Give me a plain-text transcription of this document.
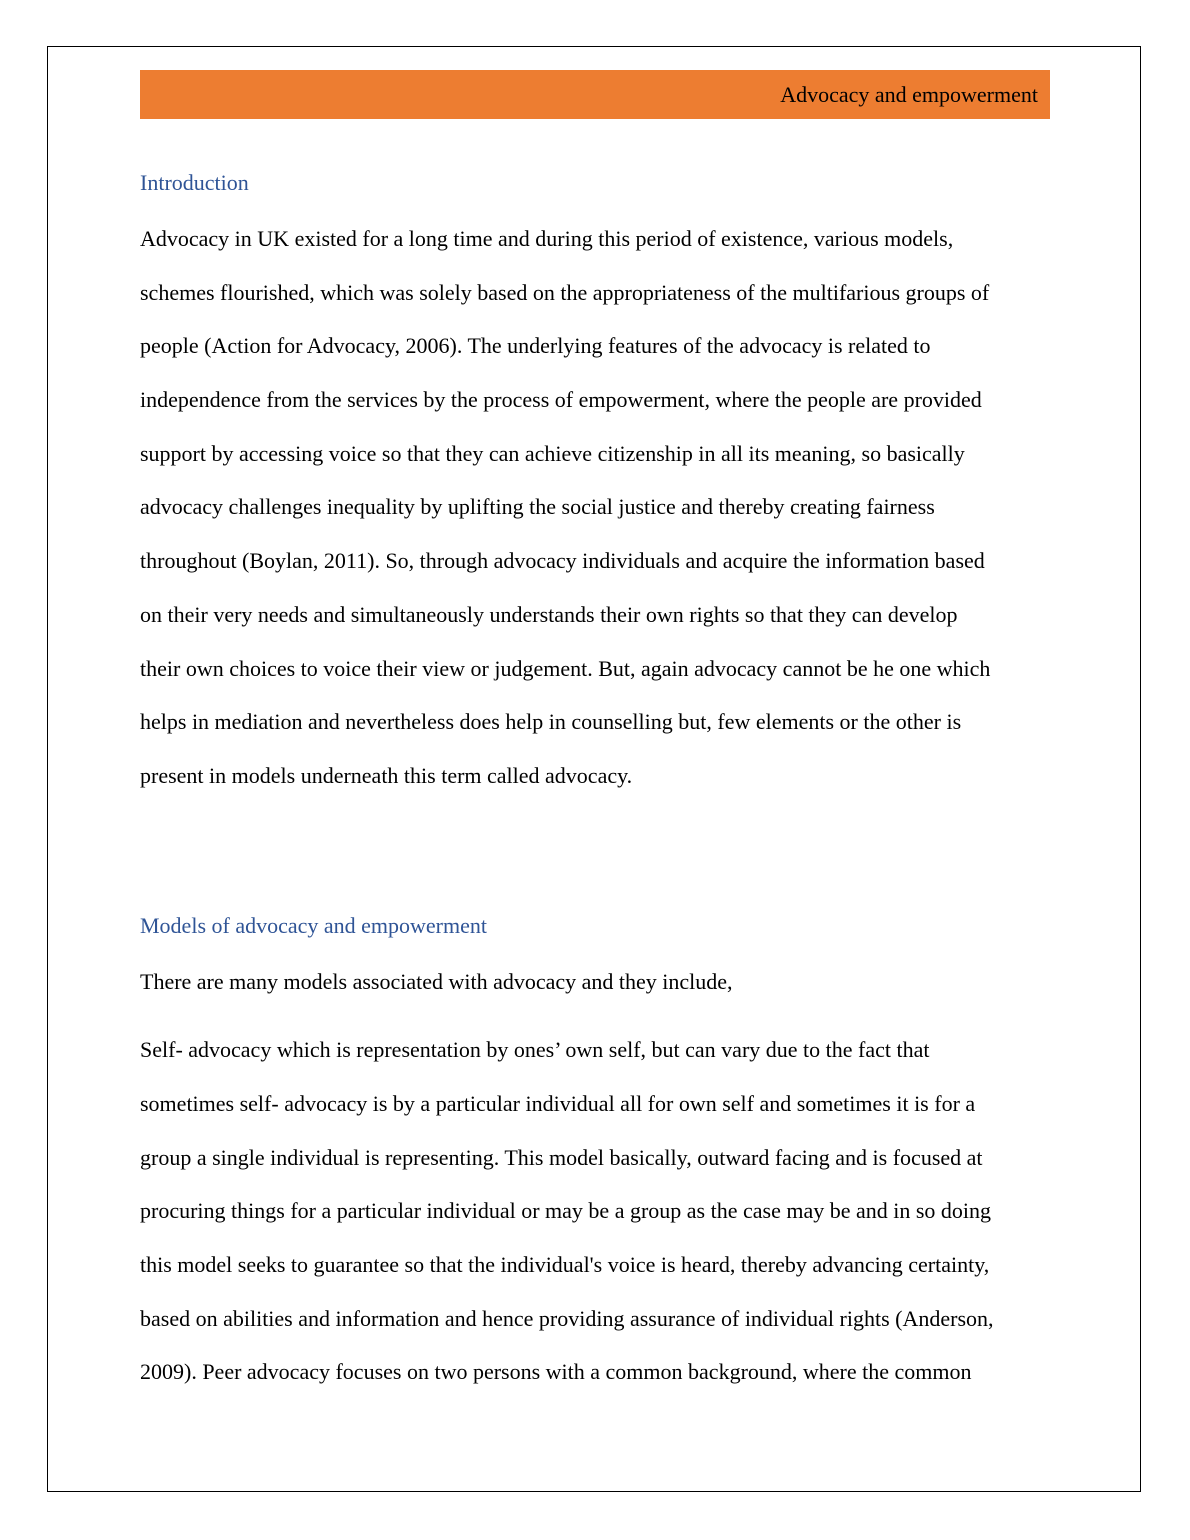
Advocacy and empowerment
Introduction

Advocacy in UK existed for a long time and during this period of existence, various models,
schemes flourished, which was solely based on the appropriateness of the multifarious groups of
people (Action for Advocacy, 2006). The underlying features of the advocacy is related to
independence from the services by the process of empowerment, where the people are provided
support by accessing voice so that they can achieve citizenship in all its meaning, so basically
advocacy challenges inequality by uplifting the social justice and thereby creating fairness
throughout (Boylan, 2011). So, through advocacy individuals and acquire the information based
on their very needs and simultaneously understands their own rights so that they can develop
their own choices to voice their view or judgement. But, again advocacy cannot be he one which
helps in mediation and nevertheless does help in counselling but, few elements or the other is
present in models underneath this term called advocacy.

Models of advocacy and empowerment

There are many models associated with advocacy and they include,

Self- advocacy which is representation by ones’ own self, but can vary due to the fact that
sometimes self- advocacy is by a particular individual all for own self and sometimes it is for a
group a single individual is representing. This model basically, outward facing and is focused at
procuring things for a particular individual or may be a group as the case may be and in so doing
this model seeks to guarantee so that the individual's voice is heard, thereby advancing certainty,
based on abilities and information and hence providing assurance of individual rights (Anderson,
2009). Peer advocacy focuses on two persons with a common background, where the common
